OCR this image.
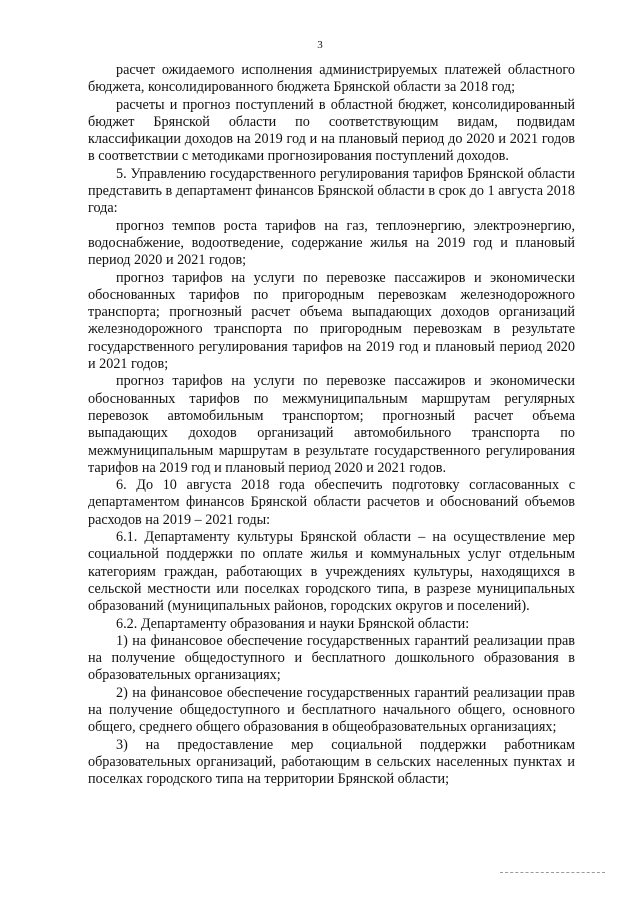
3

расчет ожидаемого исполнения администрируемых платежей областного бюджета, консолидированного бюджета Брянской области за 2018 год;

расчеты и прогноз поступлений в областной бюджет, консолидированный бюджет Брянской области по соответствующим видам, подвидам классификации доходов на 2019 год и на плановый период до 2020 и 2021 годов в соответствии с методиками прогнозирования поступлений доходов.

5. Управлению государственного регулирования тарифов Брянской области представить в департамент финансов Брянской области в срок до 1 августа 2018 года:

прогноз темпов роста тарифов на газ, теплоэнергию, электроэнергию, водоснабжение, водоотведение, содержание жилья на 2019 год и плановый период 2020 и 2021 годов;

прогноз тарифов на услуги по перевозке пассажиров и экономически обоснованных тарифов по пригородным перевозкам железнодорожного транспорта; прогнозный расчет объема выпадающих доходов организаций железнодорожного транспорта по пригородным перевозкам в результате государственного регулирования тарифов на 2019 год и плановый период 2020 и 2021 годов;

прогноз тарифов на услуги по перевозке пассажиров и экономически обоснованных тарифов по межмуниципальным маршрутам регулярных перевозок автомобильным транспортом; прогнозный расчет объема выпадающих доходов организаций автомобильного транспорта по межмуниципальным маршрутам в результате государственного регулирования тарифов на 2019 год и плановый период 2020 и 2021 годов.

6. До 10 августа 2018 года обеспечить подготовку согласованных с департаментом финансов Брянской области расчетов и обоснований объемов расходов на 2019 – 2021 годы:

6.1. Департаменту культуры Брянской области – на осуществление мер социальной поддержки по оплате жилья и коммунальных услуг отдельным категориям граждан, работающих в учреждениях культуры, находящихся в сельской местности или поселках городского типа, в разрезе муниципальных образований (муниципальных районов, городских округов и поселений).

6.2. Департаменту образования и науки Брянской области:

1) на финансовое обеспечение государственных гарантий реализации прав на получение общедоступного и бесплатного дошкольного образования в образовательных организациях;

2) на финансовое обеспечение государственных гарантий реализации прав на получение общедоступного и бесплатного начального общего, основного общего, среднего общего образования в общеобразовательных организациях;

3) на предоставление мер социальной поддержки работникам образовательных организаций, работающим в сельских населенных пунктах и поселках городского типа на территории Брянской области;
